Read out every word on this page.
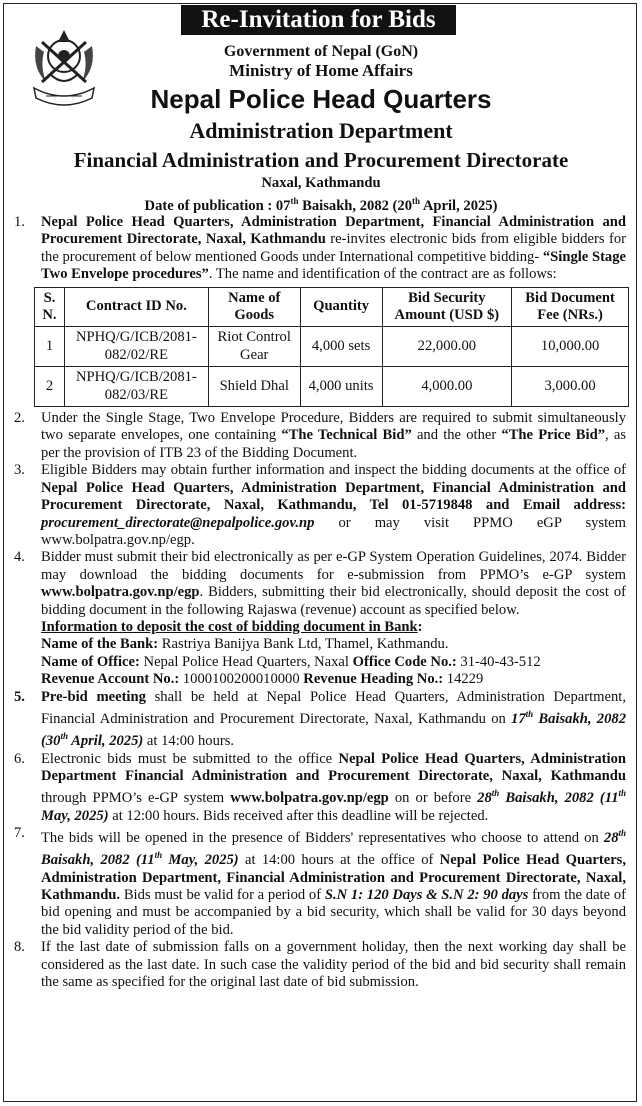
Re-Invitation for Bids
Government of Nepal (GoN)
Ministry of Home Affairs
Nepal Police Head Quarters
Administration Department
Financial Administration and Procurement Directorate
Naxal, Kathmandu
Date of publication : 07th Baisakh, 2082 (20th April, 2025)
1.	Nepal Police Head Quarters, Administration Department, Financial Administration and Procurement Directorate, Naxal, Kathmandu re-invites electronic bids from eligible bidders for the procurement of below mentioned Goods under International competitive bidding- “Single Stage Two Envelope procedures”. The name and identification of the contract are as follows:
S. N.	Contract ID No.	Name of Goods	Quantity	Bid Security Amount (USD $)	Bid Document Fee (NRs.)
1	NPHQ/G/ICB/2081-082/02/RE	Riot Control Gear	4,000 sets	22,000.00	10,000.00
2	NPHQ/G/ICB/2081-082/03/RE	Shield Dhal	4,000 units	4,000.00	3,000.00
2.	Under the Single Stage, Two Envelope Procedure, Bidders are required to submit simultaneously two separate envelopes, one containing “The Technical Bid” and the other “The Price Bid”, as per the provision of ITB 23 of the Bidding Document.
3.	Eligible Bidders may obtain further information and inspect the bidding documents at the office of Nepal Police Head Quarters, Administration Department, Financial Administration and Procurement Directorate, Naxal, Kathmandu, Tel 01-5719848 and Email address: procurement_directorate@nepalpolice.gov.np or may visit PPMO eGP system www.bolpatra.gov.np/egp.
4.	Bidder must submit their bid electronically as per e-GP System Operation Guidelines, 2074. Bidder may download the bidding documents for e-submission from PPMO’s e-GP system www.bolpatra.gov.np/egp. Bidders, submitting their bid electronically, should deposit the cost of bidding document in the following Rajaswa (revenue) account as specified below.
Information to deposit the cost of bidding document in Bank:
Name of the Bank: Rastriya Banijya Bank Ltd, Thamel, Kathmandu.
Name of Office: Nepal Police Head Quarters, Naxal Office Code No.: 31-40-43-512
Revenue Account No.: 1000100200010000 Revenue Heading No.: 14229
5.	Pre-bid meeting shall be held at Nepal Police Head Quarters, Administration Department, Financial Administration and Procurement Directorate, Naxal, Kathmandu on 17th Baisakh, 2082 (30th April, 2025) at 14:00 hours.
6.	Electronic bids must be submitted to the office Nepal Police Head Quarters, Administration Department Financial Administration and Procurement Directorate, Naxal, Kathmandu through PPMO’s e-GP system www.bolpatra.gov.np/egp on or before 28th Baisakh, 2082 (11th May, 2025) at 12:00 hours. Bids received after this deadline will be rejected.
7.	The bids will be opened in the presence of Bidders' representatives who choose to attend on 28th Baisakh, 2082 (11th May, 2025) at 14:00 hours at the office of Nepal Police Head Quarters, Administration Department, Financial Administration and Procurement Directorate, Naxal, Kathmandu. Bids must be valid for a period of S.N 1: 120 Days & S.N 2: 90 days from the date of bid opening and must be accompanied by a bid security, which shall be valid for 30 days beyond the bid validity period of the bid.
8.	If the last date of submission falls on a government holiday, then the next working day shall be considered as the last date. In such case the validity period of the bid and bid security shall remain the same as specified for the original last date of bid submission.
